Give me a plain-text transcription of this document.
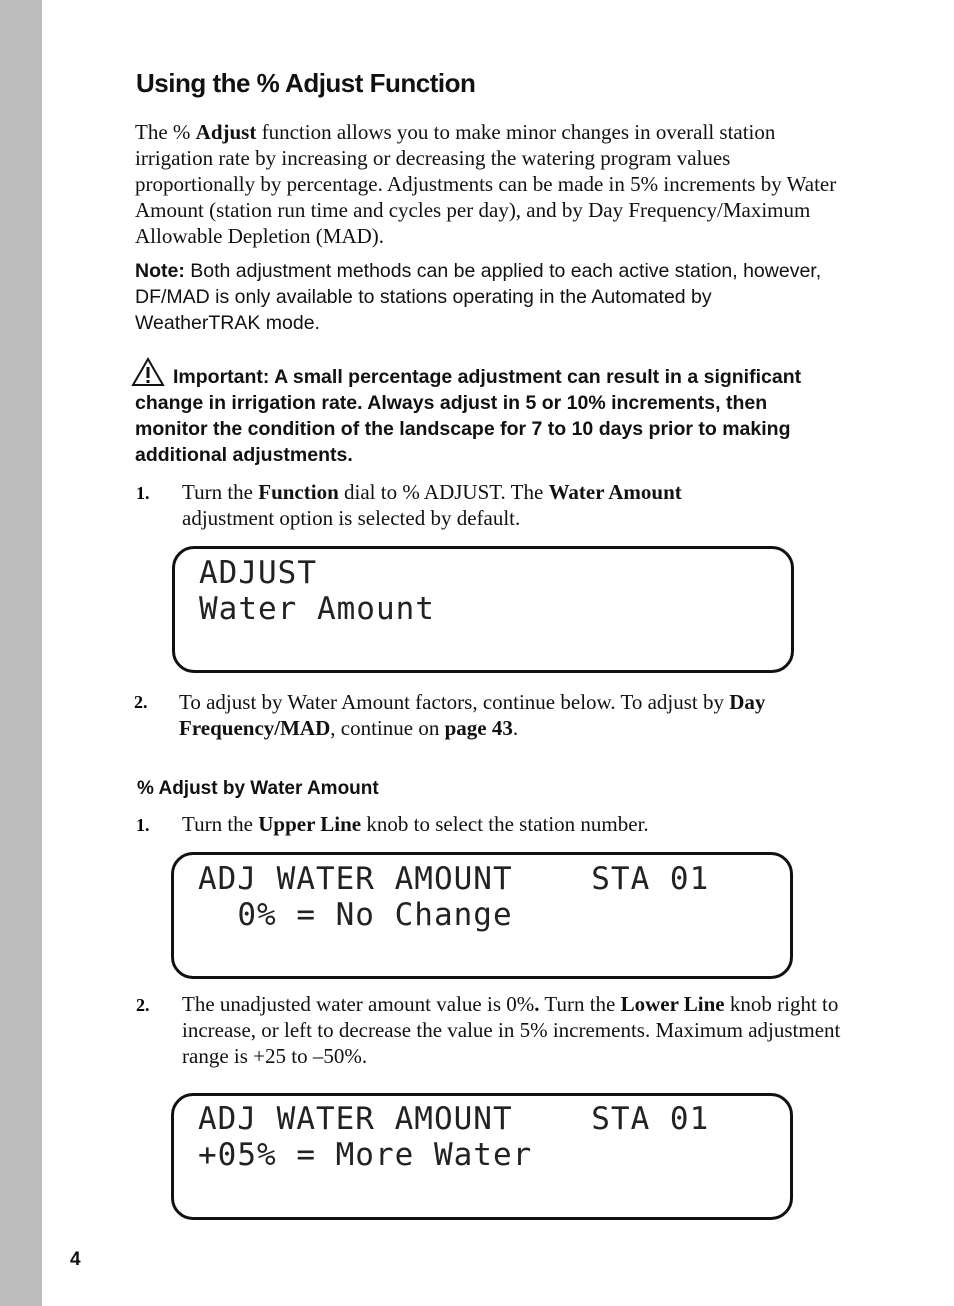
Using the % Adjust Function
The % Adjust function allows you to make minor changes in overall station irrigation rate by increasing or decreasing the watering program values proportionally by percentage. Adjustments can be made in 5% increments by Water Amount (station run time and cycles per day), and by Day Frequency/Maximum Allowable Depletion (MAD).
Note: Both adjustment methods can be applied to each active station, however, DF/MAD is only available to stations operating in the Automated by WeatherTRAK mode.
Important: A small percentage adjustment can result in a significant change in irrigation rate. Always adjust in 5 or 10% increments, then monitor the condition of the landscape for 7 to 10 days prior to making additional adjustments.
1. Turn the Function dial to % ADJUST. The Water Amount adjustment option is selected by default.
ADJUST
Water Amount
2. To adjust by Water Amount factors, continue below. To adjust by Day Frequency/MAD, continue on page 43.
% Adjust by Water Amount
1. Turn the Upper Line knob to select the station number.
ADJ WATER AMOUNT    STA 01
0% = No Change
2. The unadjusted water amount value is 0%. Turn the Lower Line knob right to increase, or left to decrease the value in 5% increments. Maximum adjustment range is +25 to –50%.
ADJ WATER AMOUNT    STA 01
+05% = More Water
4
